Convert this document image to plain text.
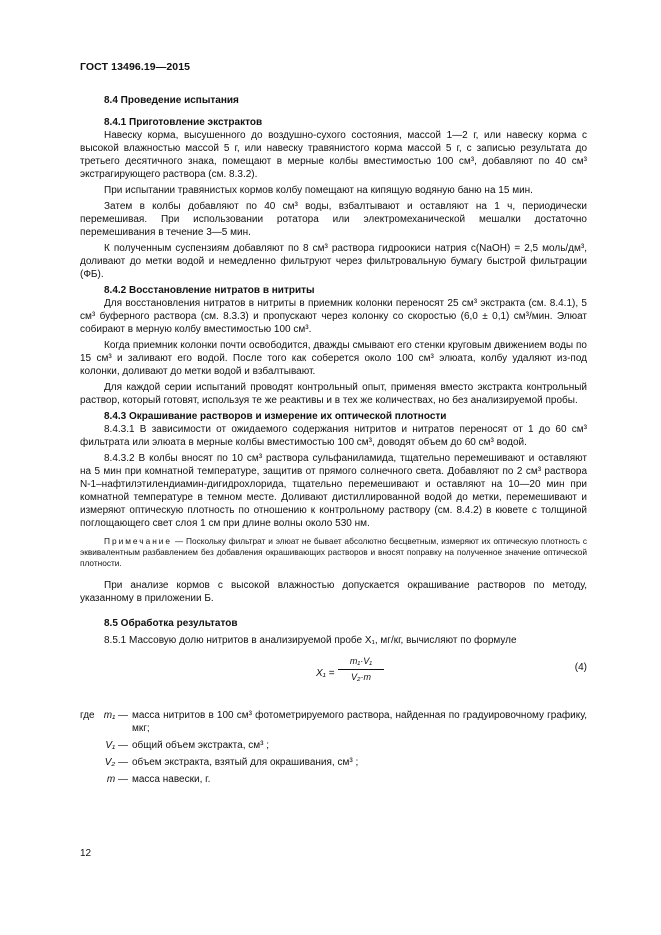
ГОСТ 13496.19—2015
8.4 Проведение испытания
8.4.1 Приготовление экстрактов
Навеску корма, высушенного до воздушно-сухого состояния, массой 1—2 г, или навеску корма с высокой влажностью массой 5 г, или навеску травянистого корма массой 5 г, с записью результата до третьего десятичного знака, помещают в мерные колбы вместимостью 100 см³, добавляют по 40 см³ экстрагирующего раствора (см. 8.3.2).
При испытании травянистых кормов колбу помещают на кипящую водяную баню на 15 мин.
Затем в колбы добавляют по 40 см³ воды, взбалтывают и оставляют на 1 ч, периодически перемешивая. При использовании ротатора или электромеханической мешалки достаточно перемешивания в течение 3—5 мин.
К полученным суспензиям добавляют по 8 см³ раствора гидроокиси натрия c(NaOH) = 2,5 моль/дм³, доливают до метки водой и немедленно фильтруют через фильтровальную бумагу быстрой фильтрации (ФБ).
8.4.2 Восстановление нитратов в нитриты
Для восстановления нитратов в нитриты в приемник колонки переносят 25 см³ экстракта (см. 8.4.1), 5 см³ буферного раствора (см. 8.3.3) и пропускают через колонку со скоростью (6,0 ± 0,1) см³/мин. Элюат собирают в мерную колбу вместимостью 100 см³.
Когда приемник колонки почти освободится, дважды смывают его стенки круговым движением воды по 15 см³ и заливают его водой. После того как соберется около 100 см³ элюата, колбу удаляют из-под колонки, доливают до метки водой и взбалтывают.
Для каждой серии испытаний проводят контрольный опыт, применяя вместо экстракта контрольный раствор, который готовят, используя те же реактивы и в тех же количествах, но без анализируемой пробы.
8.4.3 Окрашивание растворов и измерение их оптической плотности
8.4.3.1 В зависимости от ожидаемого содержания нитритов и нитратов переносят от 1 до 60 см³ фильтрата или элюата в мерные колбы вместимостью 100 см³, доводят объем до 60 см³ водой.
8.4.3.2 В колбы вносят по 10 см³ раствора сульфаниламида, тщательно перемешивают и оставляют на 5 мин при комнатной температуре, защитив от прямого солнечного света. Добавляют по 2 см³ раствора N-1–нафтилэтилендиамин-дигидрохлорида, тщательно перемешивают и оставляют на 10—20 мин при комнатной температуре в темном месте. Доливают дистиллированной водой до метки, перемешивают и измеряют оптическую плотность по отношению к контрольному раствору (см. 8.4.2) в кювете с толщиной поглощающего свет слоя 1 см при длине волны около 530 нм.
Примечание — Поскольку фильтрат и элюат не бывает абсолютно бесцветным, измеряют их оптическую плотность с эквивалентным разбавлением без добавления окрашивающих растворов и вносят поправку на полученное значение оптической плотности.
При анализе кормов с высокой влажностью допускается окрашивание растворов по методу, указанному в приложении Б.
8.5 Обработка результатов
8.5.1 Массовую долю нитритов в анализируемой пробе X₁, мг/кг, вычисляют по формуле
$X_1 = \frac{\text{m₁·V₁}}{\text{V₂·m}}$	(4)
где m₁ — масса нитритов в 100 см³ фотометрируемого раствора, найденная по градуировочному графику, мкг;
V₁ — общий объем экстракта, см³ ;
V₂ — объем экстракта, взятый для окрашивания, см³ ;
m — масса навески, г.
12
